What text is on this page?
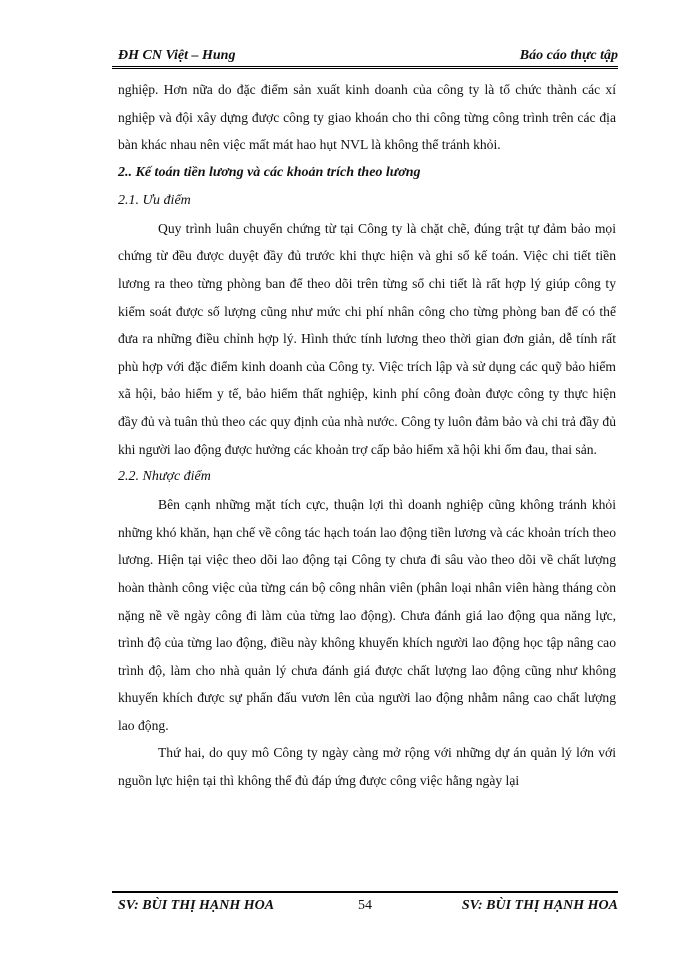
ĐH CN Việt – Hung	Báo cáo thực tập

nghiệp. Hơn nữa do đặc điểm sản xuất kinh doanh của công ty là tổ chức thành các xí nghiệp và đội xây dựng được công ty giao khoán cho thi công từng công trình trên các địa bàn khác nhau nên việc mất mát hao hụt NVL là không thể tránh khỏi.

2.. Kế toán tiền lương và các khoản trích theo lương
2.1. Ưu điểm

Quy trình luân chuyển chứng từ tại Công ty là chặt chẽ, đúng trật tự đảm bảo mọi chứng từ đều được duyệt đầy đủ trước khi thực hiện và ghi sổ kế toán. Việc chi tiết tiền lương ra theo từng phòng ban để theo dõi trên từng sổ chi tiết là rất hợp lý giúp công ty kiểm soát được số lượng cũng như mức chi phí nhân công cho từng phòng ban để có thể đưa ra những điều chỉnh hợp lý. Hình thức tính lương theo thời gian đơn giản, dễ tính rất phù hợp với đặc điểm kinh doanh của Công ty. Việc trích lập và sử dụng các quỹ bảo hiểm xã hội, bảo hiểm y tế, bảo hiểm thất nghiệp, kinh phí công đoàn được công ty thực hiện đầy đủ và tuân thủ theo các quy định của nhà nước. Công ty luôn đảm bảo và chi trả đầy đủ khi người lao động được hưởng các khoản trợ cấp bảo hiểm xã hội khi ốm đau, thai sản.

2.2. Nhược điểm

Bên cạnh những mặt tích cực, thuận lợi thì doanh nghiệp cũng không tránh khỏi những khó khăn, hạn chế về công tác hạch toán lao động tiền lương và các khoản trích theo lương. Hiện tại việc theo dõi lao động tại Công ty chưa đi sâu vào theo dõi về chất lượng hoàn thành công việc của từng cán bộ công nhân viên (phân loại nhân viên hàng tháng còn nặng nề về ngày công đi làm của từng lao động). Chưa đánh giá lao động qua năng lực, trình độ của từng lao động, điều này không khuyến khích người lao động học tập nâng cao trình độ, làm cho nhà quản lý chưa đánh giá được chất lượng lao động cũng như không khuyến khích được sự phấn đấu vươn lên của người lao động nhằm nâng cao chất lượng lao động.

Thứ hai, do quy mô Công ty ngày càng mở rộng với những dự án quản lý lớn với nguồn lực hiện tại thì không thể đủ đáp ứng được công việc hằng ngày lại

SV: BÙI THỊ HẠNH HOA	54	SV: BÙI THỊ HẠNH HOA
